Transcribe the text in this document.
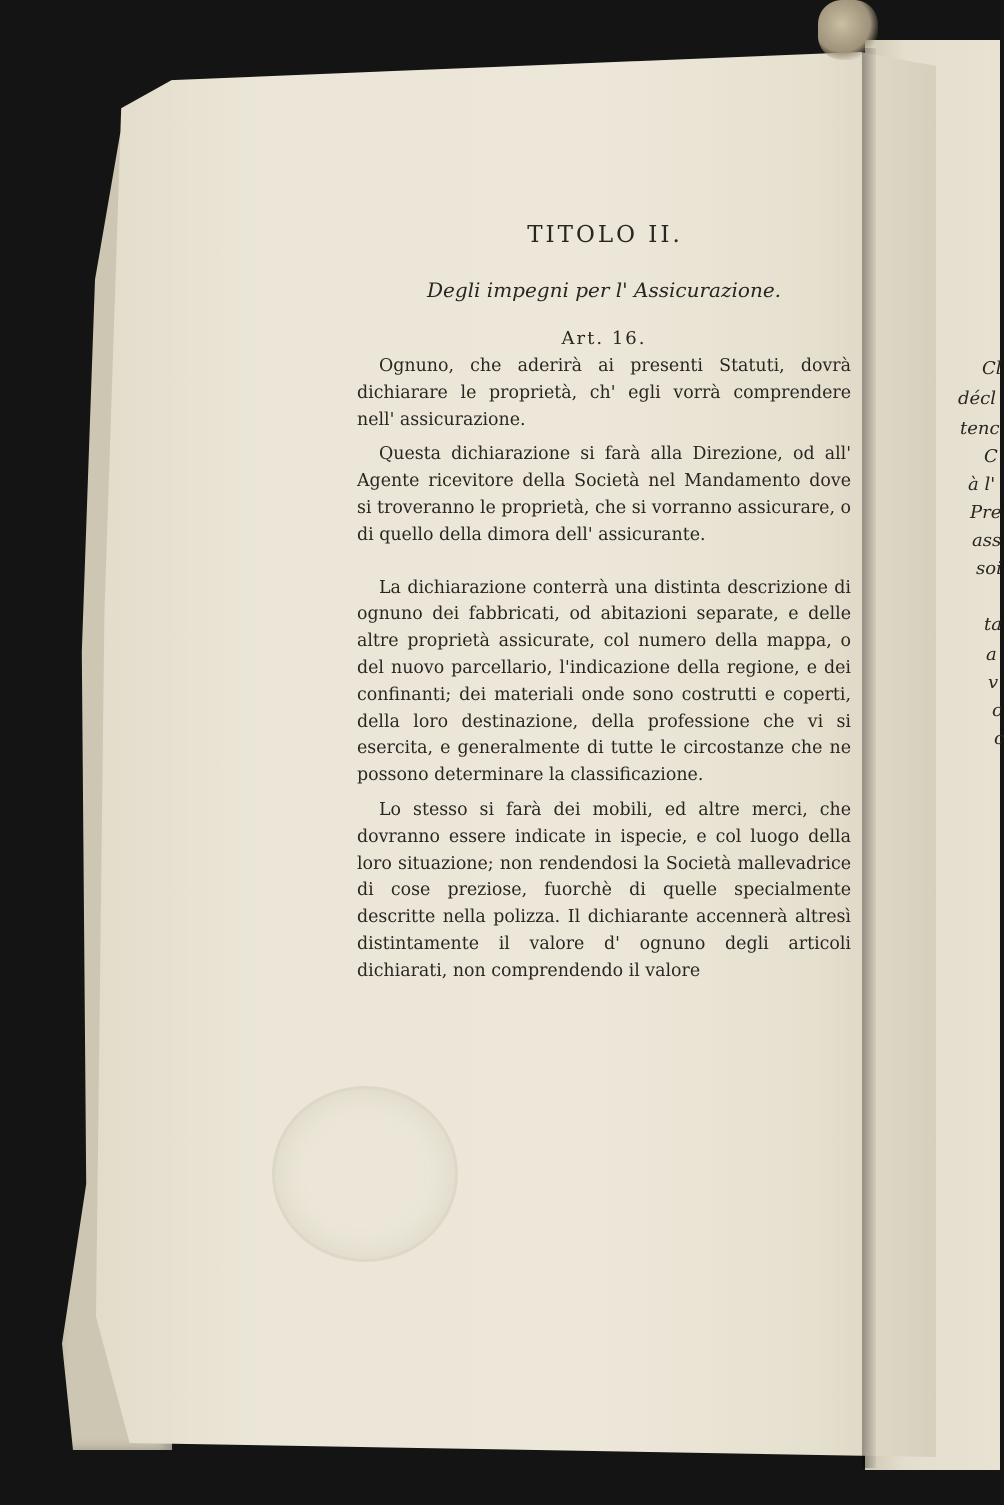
TITOLO II.
Degli impegni per l' Assicurazione.
Art. 16.

Ognuno, che aderirà ai presenti Statuti, dovrà dichiarare le proprietà, ch' egli vorrà comprendere nell' assicurazione.

Questa dichiarazione si farà alla Direzione, od all' Agente ricevitore della Società nel Mandamento dove si troveranno le proprietà, che si vorranno assicurare, o di quello della dimora dell' assicurante.

La dichiarazione conterrà una distinta descrizione di ognuno dei fabbricati, od abitazioni separate, e delle altre proprietà assicurate, col numero della mappa, o del nuovo parcellario, l'indicazione della regione, e dei confinanti; dei materiali onde sono costrutti e coperti, della loro destinazione, della professione che vi si esercita, e generalmente di tutte le circostanze che ne possono determinare la classificazione.

Lo stesso si farà dei mobili, ed altre merci, che dovranno essere indicate in ispecie, e col luogo della loro situazione; non rendendosi la Società mallevadrice di cose preziose, fuorchè di quelle specialmente descritte nella polizza. Il dichiarante accennerà altresì distintamente il valore d' ognuno degli articoli dichiarati, non comprendendo il valore

Cl
décl
tenc
C
à l'
Pre
ass
soi
ta
a
v
c
c
